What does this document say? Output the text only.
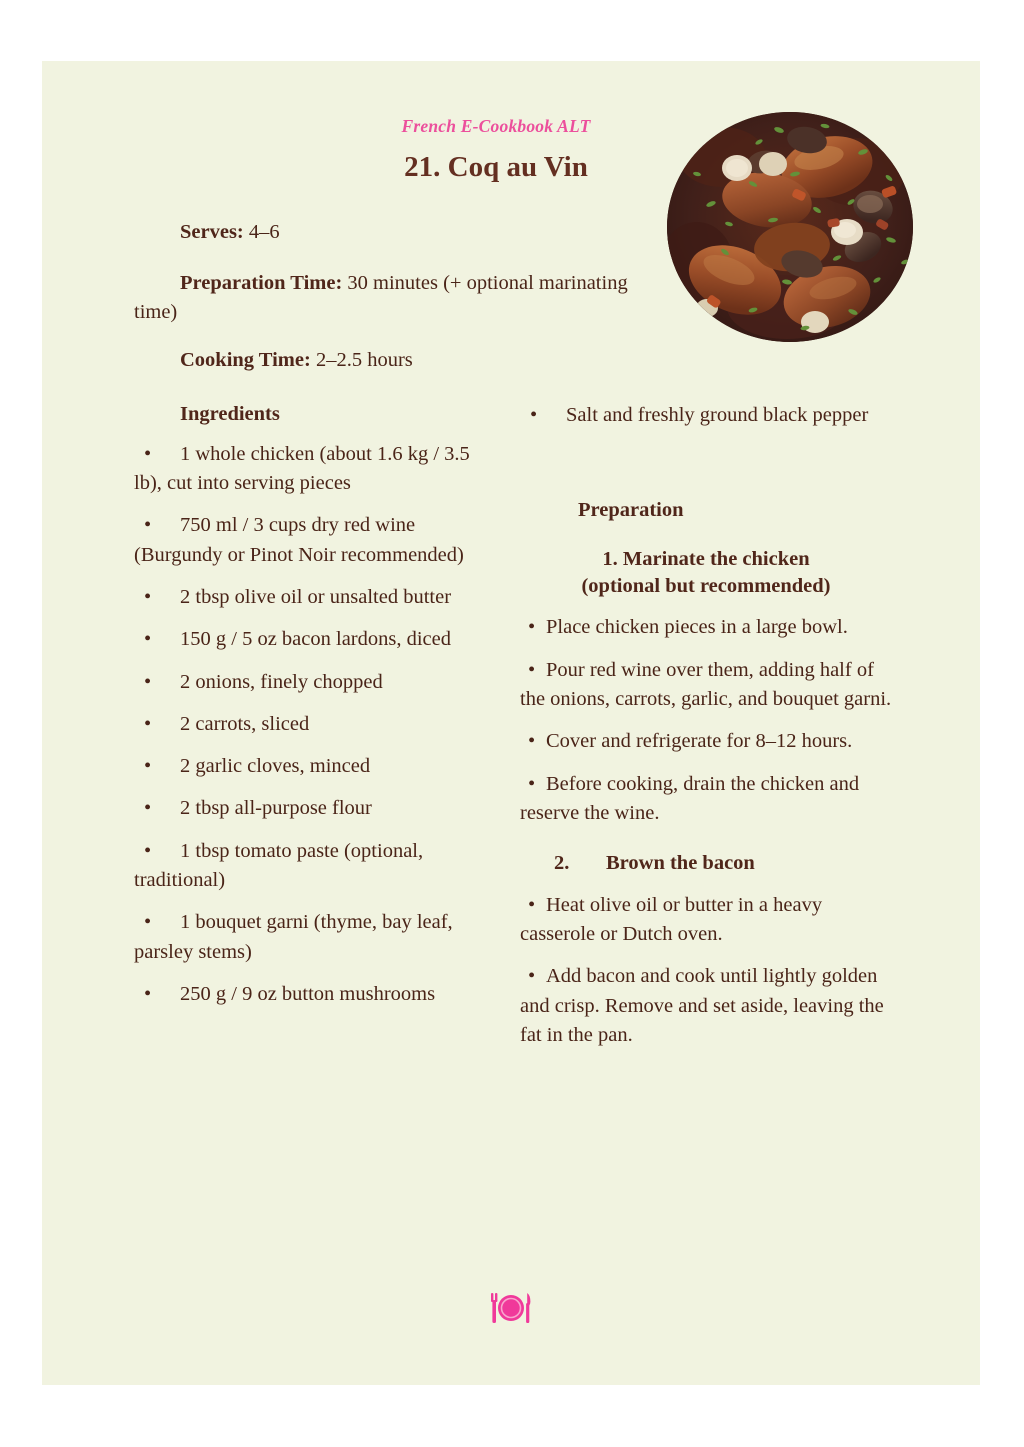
French E-Cookbook ALT
21. Coq au Vin
Serves: 4–6
Preparation Time: 30 minutes (+ optional marinating time)
Cooking Time: 2–2.5 hours
Ingredients

• 1 whole chicken (about 1.6 kg / 3.5 lb), cut into serving pieces

• 750 ml / 3 cups dry red wine (Burgundy or Pinot Noir recommended)

• 2 tbsp olive oil or unsalted butter

• 150 g / 5 oz bacon lardons, diced

• 2 onions, finely chopped

• 2 carrots, sliced

• 2 garlic cloves, minced

• 2 tbsp all-purpose flour

• 1 tbsp tomato paste (optional, traditional)

• 1 bouquet garni (thyme, bay leaf, parsley stems)

• 250 g / 9 oz button mushrooms

• Salt and freshly ground black pepper

Preparation

1. Marinate the chicken
(optional but recommended)

• Place chicken pieces in a large bowl.

• Pour red wine over them, adding half of the onions, carrots, garlic, and bouquet garni.

• Cover and refrigerate for 8–12 hours.

• Before cooking, drain the chicken and reserve the wine.

2. Brown the bacon

• Heat olive oil or butter in a heavy casserole or Dutch oven.

• Add bacon and cook until lightly golden and crisp. Remove and set aside, leaving the fat in the pan.
